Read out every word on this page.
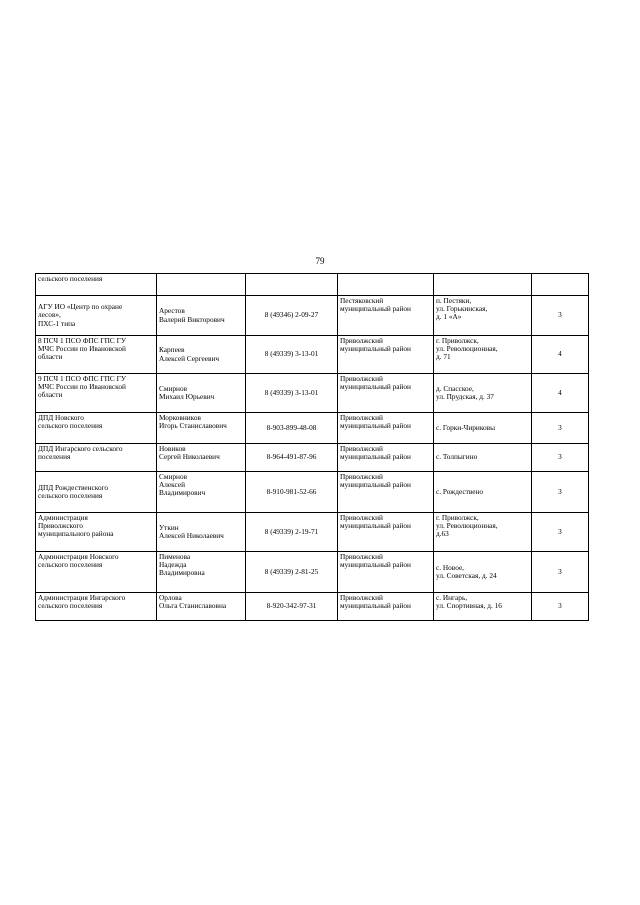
79
сельского поселения					
АГУ ИО «Центр по охране
лесов»,
ПХС-1 типа	Арестов
Валерий Викторович	8 (49346) 2-09-27	Пестяковский
муниципальный район	п. Пестяки,
ул. Горькинская,
д. 1 «А»	3
8 ПСЧ 1 ПСО ФПС ГПС ГУ
МЧС России по Ивановской
области	Карпеев
Алексей Сергеевич	8 (49339) 3-13-01	Приволжский
муниципальный район	г. Приволжск,
ул. Революционная,
д. 71	4
9 ПСЧ 1 ПСО ФПС ГПС ГУ
МЧС России по Ивановской
области	Смирнов
Михаил Юрьевич	8 (49339) 3-13-01	Приволжский
муниципальный район	д. Спасское,
ул. Прудская, д. 37	4
ДПД Новского
сельского поселения	Морковников
Игорь Станиславович	8-903-899-48-08	Приволжский
муниципальный район	с. Горки-Чириковы	3
ДПД Ингарского сельского
поселения	Новиков
Сергей Николаевич	8-964-491-87-96	Приволжский
муниципальный район	с. Толпыгино	3
ДПД Рождественского
сельского поселения	Смирнов
Алексей
Владимирович	8-910-981-52-66	Приволжский
муниципальный район	с. Рождествено	3
Администрация
Приволжского
муниципального района	Уткин
Алексей Николаевич	8 (49339) 2-19-71	Приволжский
муниципальный район	г. Приволжск,
ул. Революционная,
д.63	3
Администрация Новского
сельского поселения	Пименова
Надежда
Владимировна	8 (49339) 2-81-25	Приволжский
муниципальный район	с. Новое,
ул. Советская, д. 24	3
Администрация Ингарского
сельского поселения	Орлова
Ольга Станиславовна	8-920-342-97-31	Приволжский
муниципальный район	с. Ингарь,
ул. Спортивная, д. 16	3
